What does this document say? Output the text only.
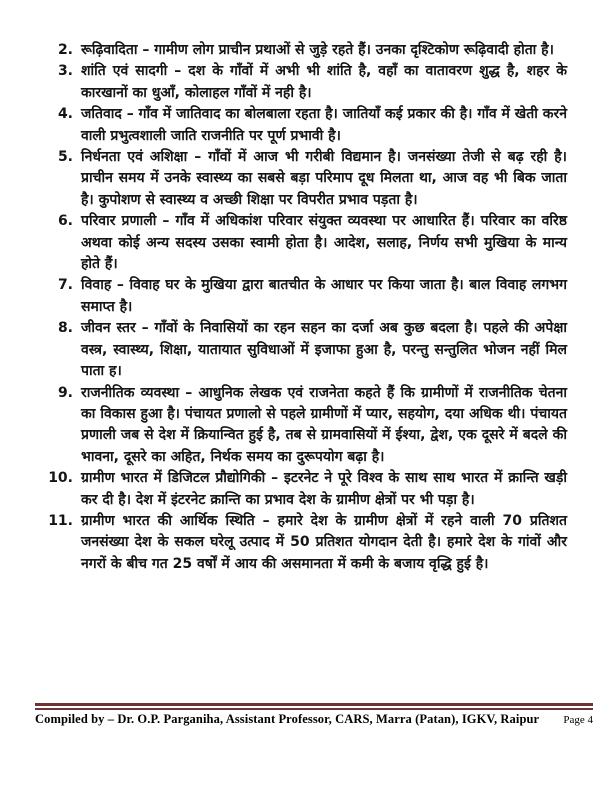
2. रूढ़िवादिता – गामीण लोग प्राचीन प्रथाओं से जुड़े रहते हैं। उनका दृश्टिकोण रूढ़िवादी होता है।
3. शांति एवं सादगी – दश के गाँवों में अभी भी शांति है, वहाँ का वातावरण शुद्ध है, शहर के कारखानों का धुआँ, कोलाहल गाँवों में नही है।
4. जतिवाद – गाँव में जातिवाद का बोलबाला रहता है। जातियाँ कई प्रकार की है। गाँव में खेती करने वाली प्रभुत्वशाली जाति राजनीति पर पूर्ण प्रभावी है।
5. निर्धनता एवं अशिक्षा – गाँवों में आज भी गरीबी विद्यमान है। जनसंख्या तेजी से बढ़ रही है। प्राचीन समय में उनके स्वास्थ्य का सबसे बड़ा परिमाप दूध मिलता था, आज वह भी बिक जाता है। कुपोशण से स्वास्थ्य व अच्छी शिक्षा पर विपरीत प्रभाव पड़ता है।
6. परिवार प्रणाली – गाँव में अधिकांश परिवार संयुक्त व्यवस्था पर आधारित हैं। परिवार का वरिष्ठ अथवा कोई अन्य सदस्य उसका स्वामी होता है। आदेश, सलाह, निर्णय सभी मुखिया के मान्य होते हैं।
7. विवाह – विवाह घर के मुखिया द्वारा बातचीत के आधार पर किया जाता है। बाल विवाह लगभग समाप्त है।
8. जीवन स्तर – गाँवों के निवासियों का रहन सहन का दर्जा अब कुछ बदला है। पहले की अपेक्षा वस्त्र, स्वास्थ्य, शिक्षा, यातायात सुविधाओं में इजाफा हुआ है, परन्तु सन्तुलित भोजन नहीं मिल पाता ह।
9. राजनीतिक व्यवस्था – आधुनिक लेखक एवं राजनेता कहते हैं कि ग्रामीणों में राजनीतिक चेतना का विकास हुआ है। पंचायत प्रणालो से पहले ग्रामीणों में प्यार, सहयोग, दया अधिक थी। पंचायत प्रणाली जब से देश में क्रियान्वित हुई है, तब से ग्रामवासियों में ईश्या, द्वेश, एक दूसरे में बदले की भावना, दूसरे का अहित, निर्थक समय का दुरूपयोग बढ़ा है।
10. ग्रामीण भारत में डिजिटल प्रौद्योगिकी – इटरनेट ने पूरे विश्व के साथ साथ भारत में क्रान्ति खड़ी कर दी है। देश में इंटरनेट क्रान्ति का प्रभाव देश के ग्रामीण क्षेत्रों पर भी पड़ा है।
11. ग्रामीण भारत की आर्थिक स्थिति – हमारे देश के ग्रामीण क्षेत्रों में रहने वाली 70 प्रतिशत जनसंख्या देश के सकल घरेलू उत्पाद में 50 प्रतिशत योगदान देती है। हमारे देश के गांवों और नगरों के बीच गत 25 वर्षों में आय की असमानता में कमी के बजाय वृद्धि हुई है।
Compiled by – Dr. O.P. Parganiha, Assistant Professor, CARS, Marra (Patan), IGKV, Raipur Page 4
